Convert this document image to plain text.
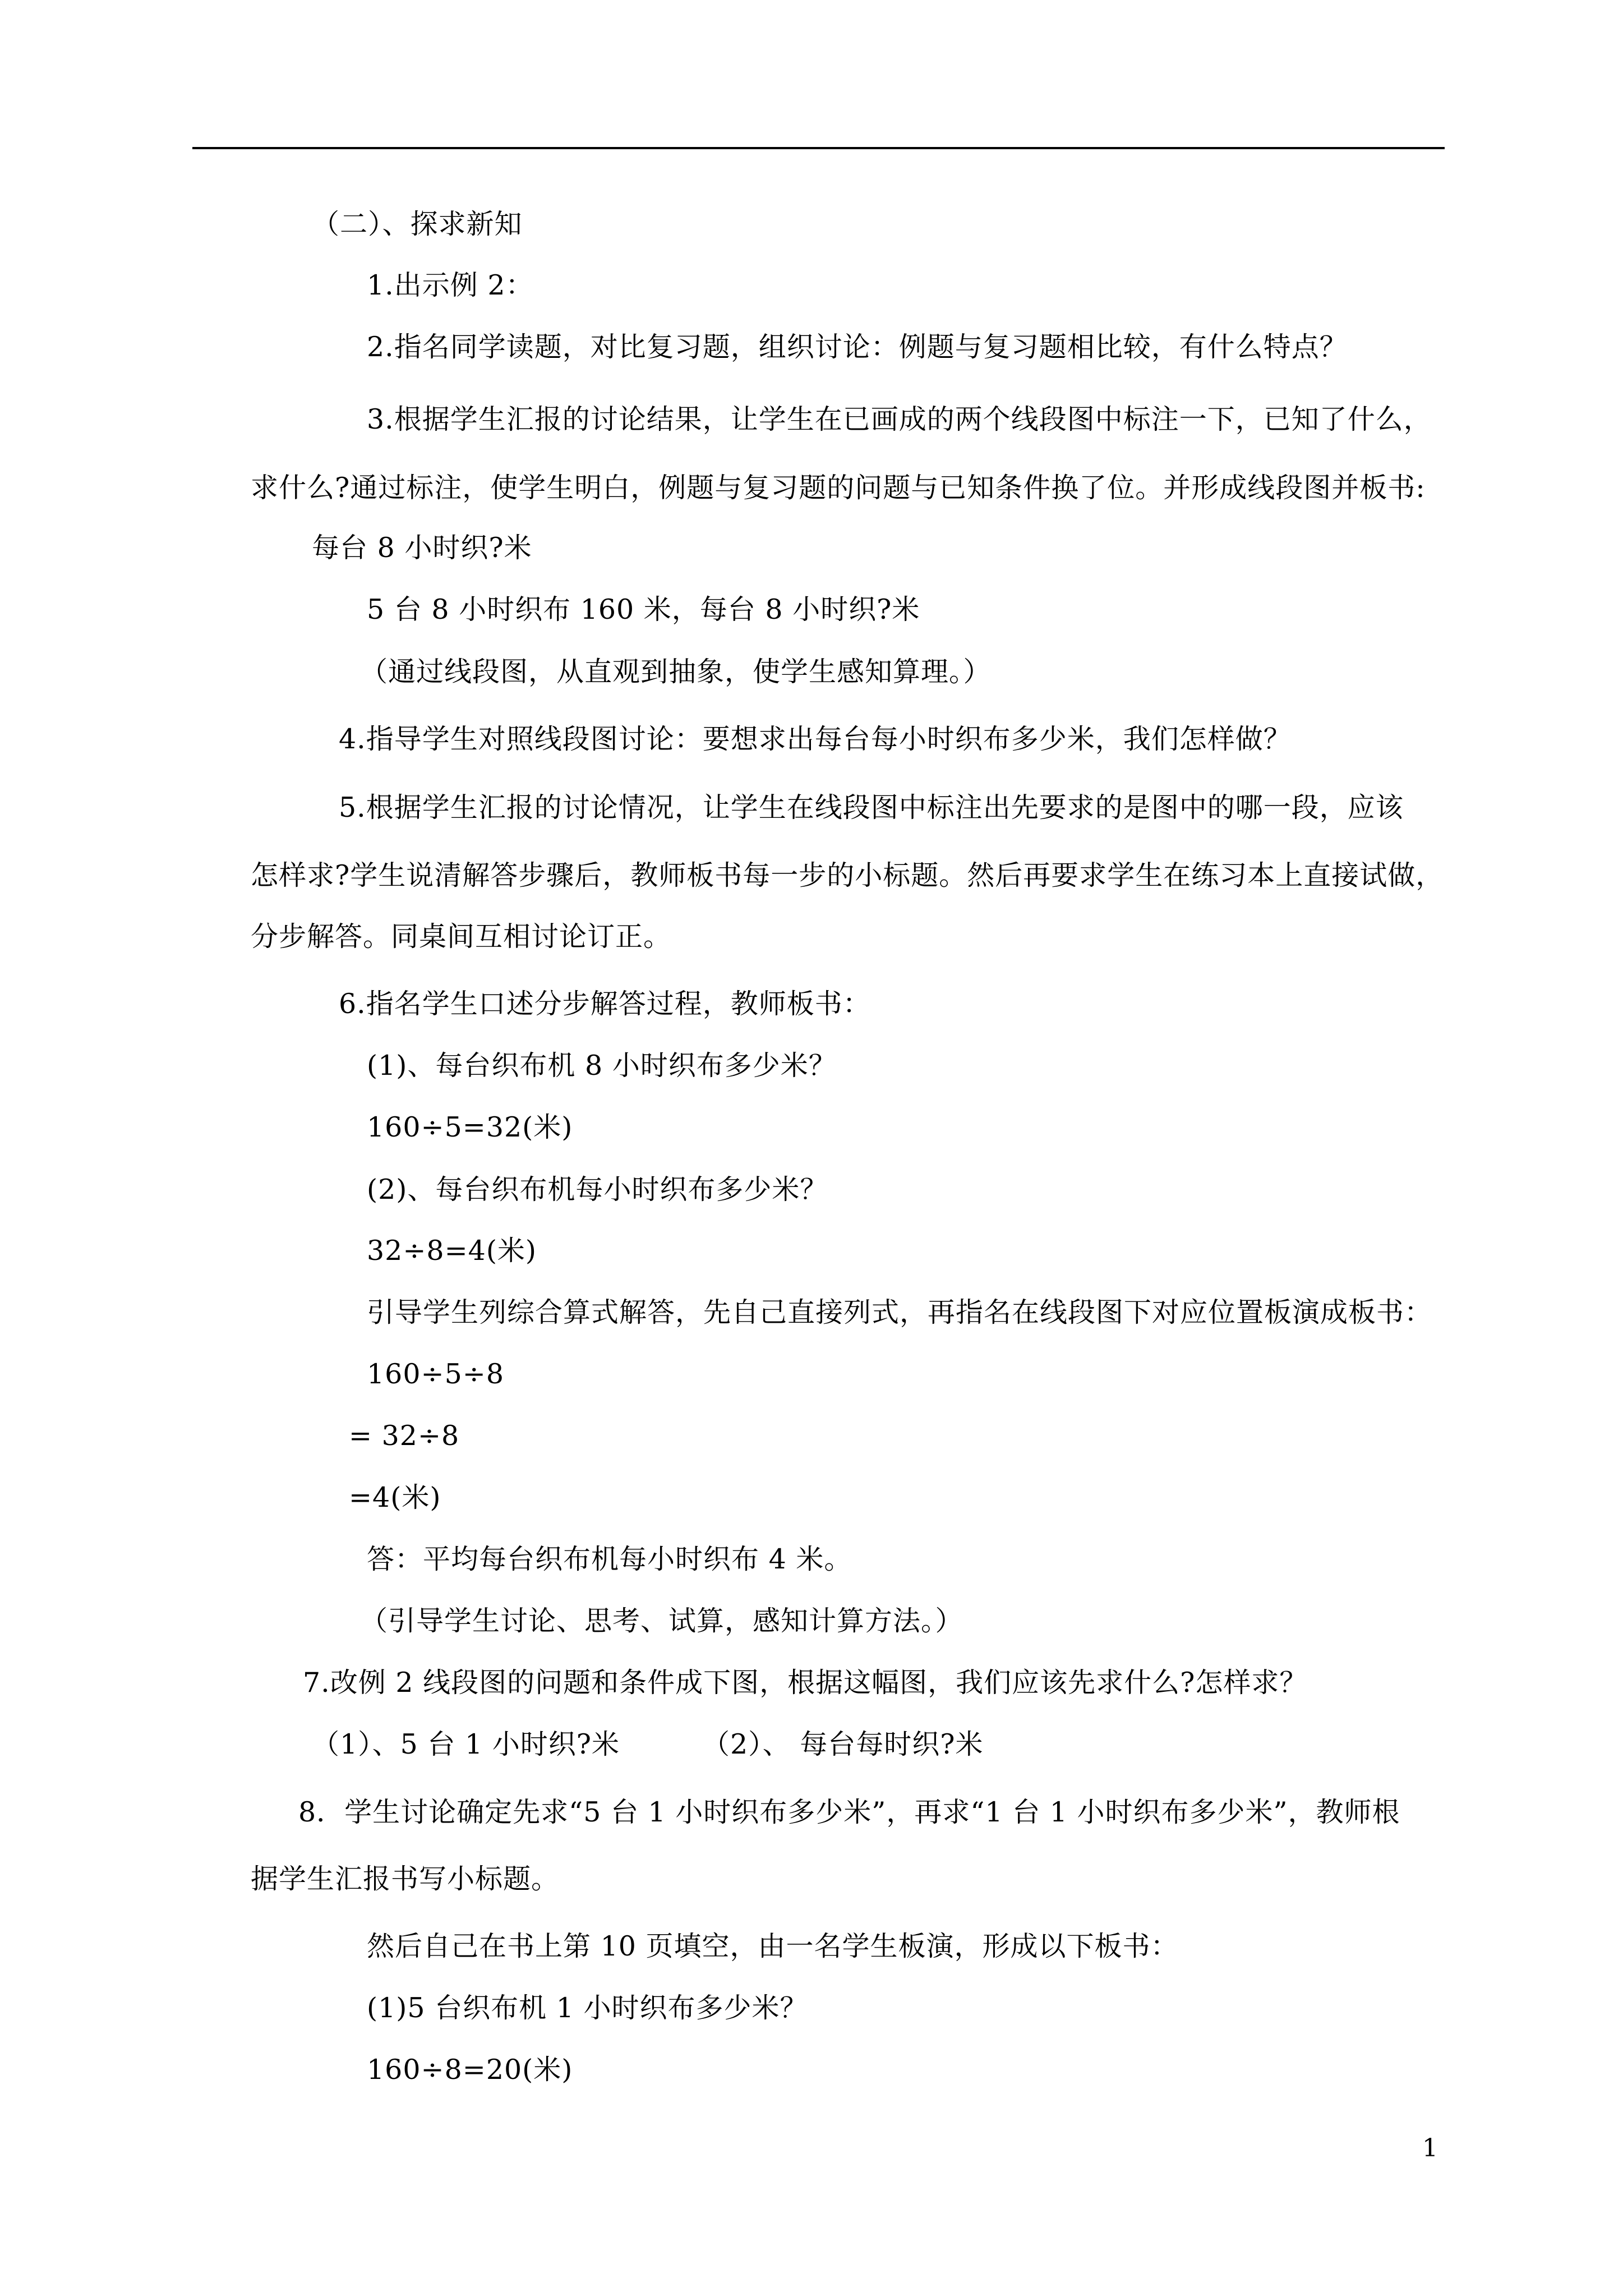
（二）、探求新知
1.出示例 2：
2.指名同学读题，对比复习题，组织讨论：例题与复习题相比较，有什么特点？
3.根据学生汇报的讨论结果，让学生在已画成的两个线段图中标注一下，已知了什么，
求什么?通过标注，使学生明白，例题与复习题的问题与已知条件换了位。并形成线段图并板书:
每台 8 小时织?米
5 台 8 小时织布 160 米，每台 8 小时织?米
（通过线段图，从直观到抽象，使学生感知算理。）
4.指导学生对照线段图讨论：要想求出每台每小时织布多少米，我们怎样做？
5.根据学生汇报的讨论情况，让学生在线段图中标注出先要求的是图中的哪一段，应该
怎样求?学生说清解答步骤后，教师板书每一步的小标题。然后再要求学生在练习本上直接试做，
分步解答。同桌间互相讨论订正。
6.指名学生口述分步解答过程，教师板书：
(1)、每台织布机 8 小时织布多少米？
160÷5=32(米)
(2)、每台织布机每小时织布多少米？
32÷8=4(米)
引导学生列综合算式解答，先自己直接列式，再指名在线段图下对应位置板演成板书：
160÷5÷8
= 32÷8
=4(米)
答：平均每台织布机每小时织布 4 米。
（引导学生讨论、思考、试算，感知计算方法。）
7.改例 2 线段图的问题和条件成下图，根据这幅图，我们应该先求什么?怎样求？
（1）、5 台 1 小时织?米	（2）、 每台每时织?米
8．学生讨论确定先求“5 台 1 小时织布多少米”，再求“1 台 1 小时织布多少米”，教师根
据学生汇报书写小标题。
然后自己在书上第 10 页填空，由一名学生板演，形成以下板书：
(1)5 台织布机 1 小时织布多少米？
160÷8=20(米)
1
